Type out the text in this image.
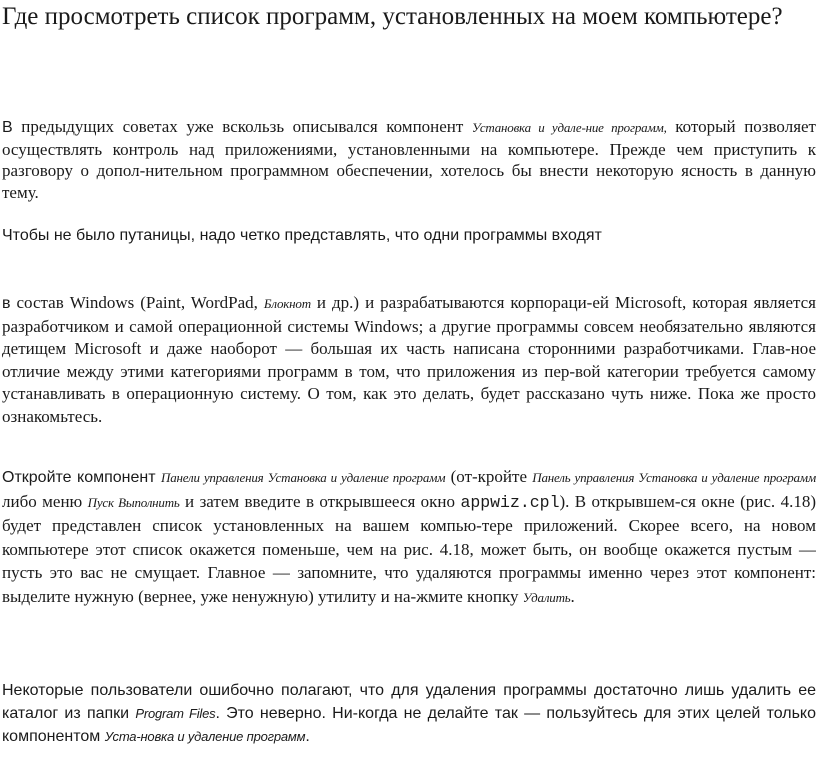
Где просмотреть список программ, установленных на моем компьютере?

В предыдущих советах уже вскользь описывался компонент Установка и удале-ние программ, который позволяет осуществлять контроль над приложениями, установленными на компьютере. Прежде чем приступить к разговору о допол-нительном программном обеспечении, хотелось бы внести некоторую ясность в данную тему.

Чтобы не было путаницы, надо четко представлять, что одни программы входят

в состав Windows (Paint, WordPad, Блокнот и др.) и разрабатываются корпораци-ей Microsoft, которая является разработчиком и самой операционной системы Windows; а другие программы совсем необязательно являются детищем Microsoft и даже наоборот — большая их часть написана сторонними разработчиками. Глав-ное отличие между этими категориями программ в том, что приложения из пер-вой категории требуется самому устанавливать в операционную систему. О том, как это делать, будет рассказано чуть ниже. Пока же просто ознакомьтесь.

Откройте компонент Панели управления Установка и удаление программ (от-кройте Панель управления Установка и удаление программ либо меню Пуск Выполнить и затем введите в открывшееся окно appwiz.cpl). В открывшем-ся окне (рис. 4.18) будет представлен список установленных на вашем компью-тере приложений. Скорее всего, на новом компьютере этот список окажется поменьше, чем на рис. 4.18, может быть, он вообще окажется пустым — пусть это вас не смущает. Главное — запомните, что удаляются программы именно через этот компонент: выделите нужную (вернее, уже ненужную) утилиту и на-жмите кнопку Удалить.

Некоторые пользователи ошибочно полагают, что для удаления программы достаточно лишь удалить ее каталог из папки Program Files. Это неверно. Ни-когда не делайте так — пользуйтесь для этих целей только компонентом Уста-новка и удаление программ.
